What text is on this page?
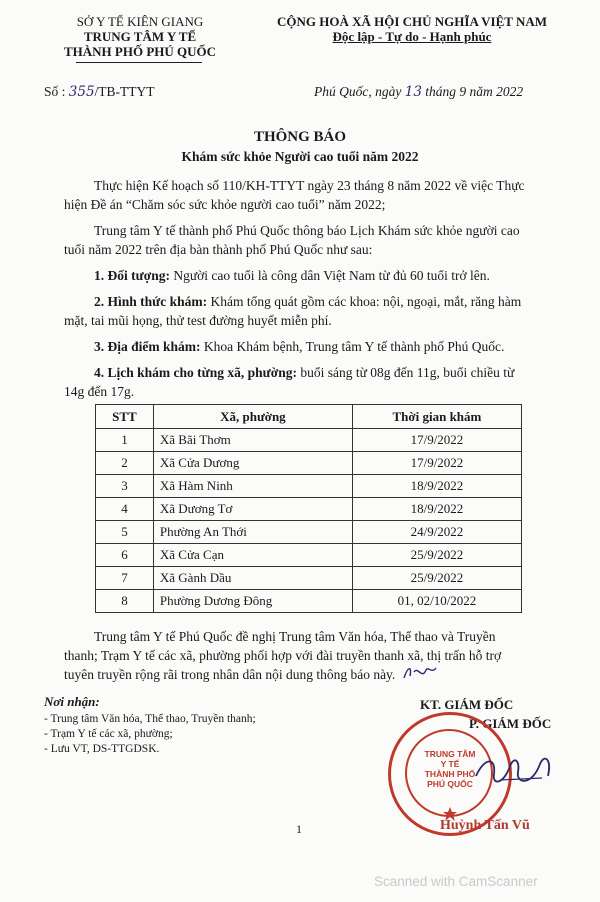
SỞ Y TẾ KIÊN GIANG
TRUNG TÂM Y TẾ
THÀNH PHỐ PHÚ QUỐC
CỘNG HOÀ XÃ HỘI CHỦ NGHĨA VIỆT NAM
Độc lập - Tự do - Hạnh phúc
Số : 355/TB-TTYT	Phú Quốc, ngày 13 tháng 9 năm 2022
THÔNG BÁO
Khám sức khỏe Người cao tuổi năm 2022
Thực hiện Kế hoạch số 110/KH-TTYT ngày 23 tháng 8 năm 2022 về việc Thực
hiện Đề án “Chăm sóc sức khỏe người cao tuổi” năm 2022;
Trung tâm Y tế thành phố Phú Quốc thông báo Lịch Khám sức khỏe người cao
tuổi năm 2022 trên địa bàn thành phố Phú Quốc như sau:
1. Đối tượng: Người cao tuổi là công dân Việt Nam từ đủ 60 tuổi trở lên.
2. Hình thức khám: Khám tổng quát gồm các khoa: nội, ngoại, mắt, răng hàm
mặt, tai mũi họng, thử test đường huyết miễn phí.
3. Địa điểm khám: Khoa Khám bệnh, Trung tâm Y tế thành phố Phú Quốc.
4. Lịch khám cho từng xã, phường: buổi sáng từ 08g đến 11g, buổi chiều từ
14g đến 17g.
STT	Xã, phường	Thời gian khám
1	Xã Bãi Thơm	17/9/2022
2	Xã Cửa Dương	17/9/2022
3	Xã Hàm Ninh	18/9/2022
4	Xã Dương Tơ	18/9/2022
5	Phường An Thới	24/9/2022
6	Xã Cửa Cạn	25/9/2022
7	Xã Gành Dầu	25/9/2022
8	Phường Dương Đông	01, 02/10/2022
Trung tâm Y tế Phú Quốc đề nghị Trung tâm Văn hóa, Thể thao và Truyền
thanh; Trạm Y tế các xã, phường phối hợp với đài truyền thanh xã, thị trấn hỗ trợ
tuyên truyền rộng rãi trong nhân dân nội dung thông báo này.
Nơi nhận:
- Trung tâm Văn hóa, Thể thao, Truyền thanh;
- Trạm Y tế các xã, phường;
- Lưu VT, DS-TTGDSK.
KT. GIÁM ĐỐC
P. GIÁM ĐỐC
TRUNG TÂM
Y TẾ
THÀNH PHỐ
PHÚ QUỐC
Huỳnh Tấn Vũ
1
Scanned with CamScanner
